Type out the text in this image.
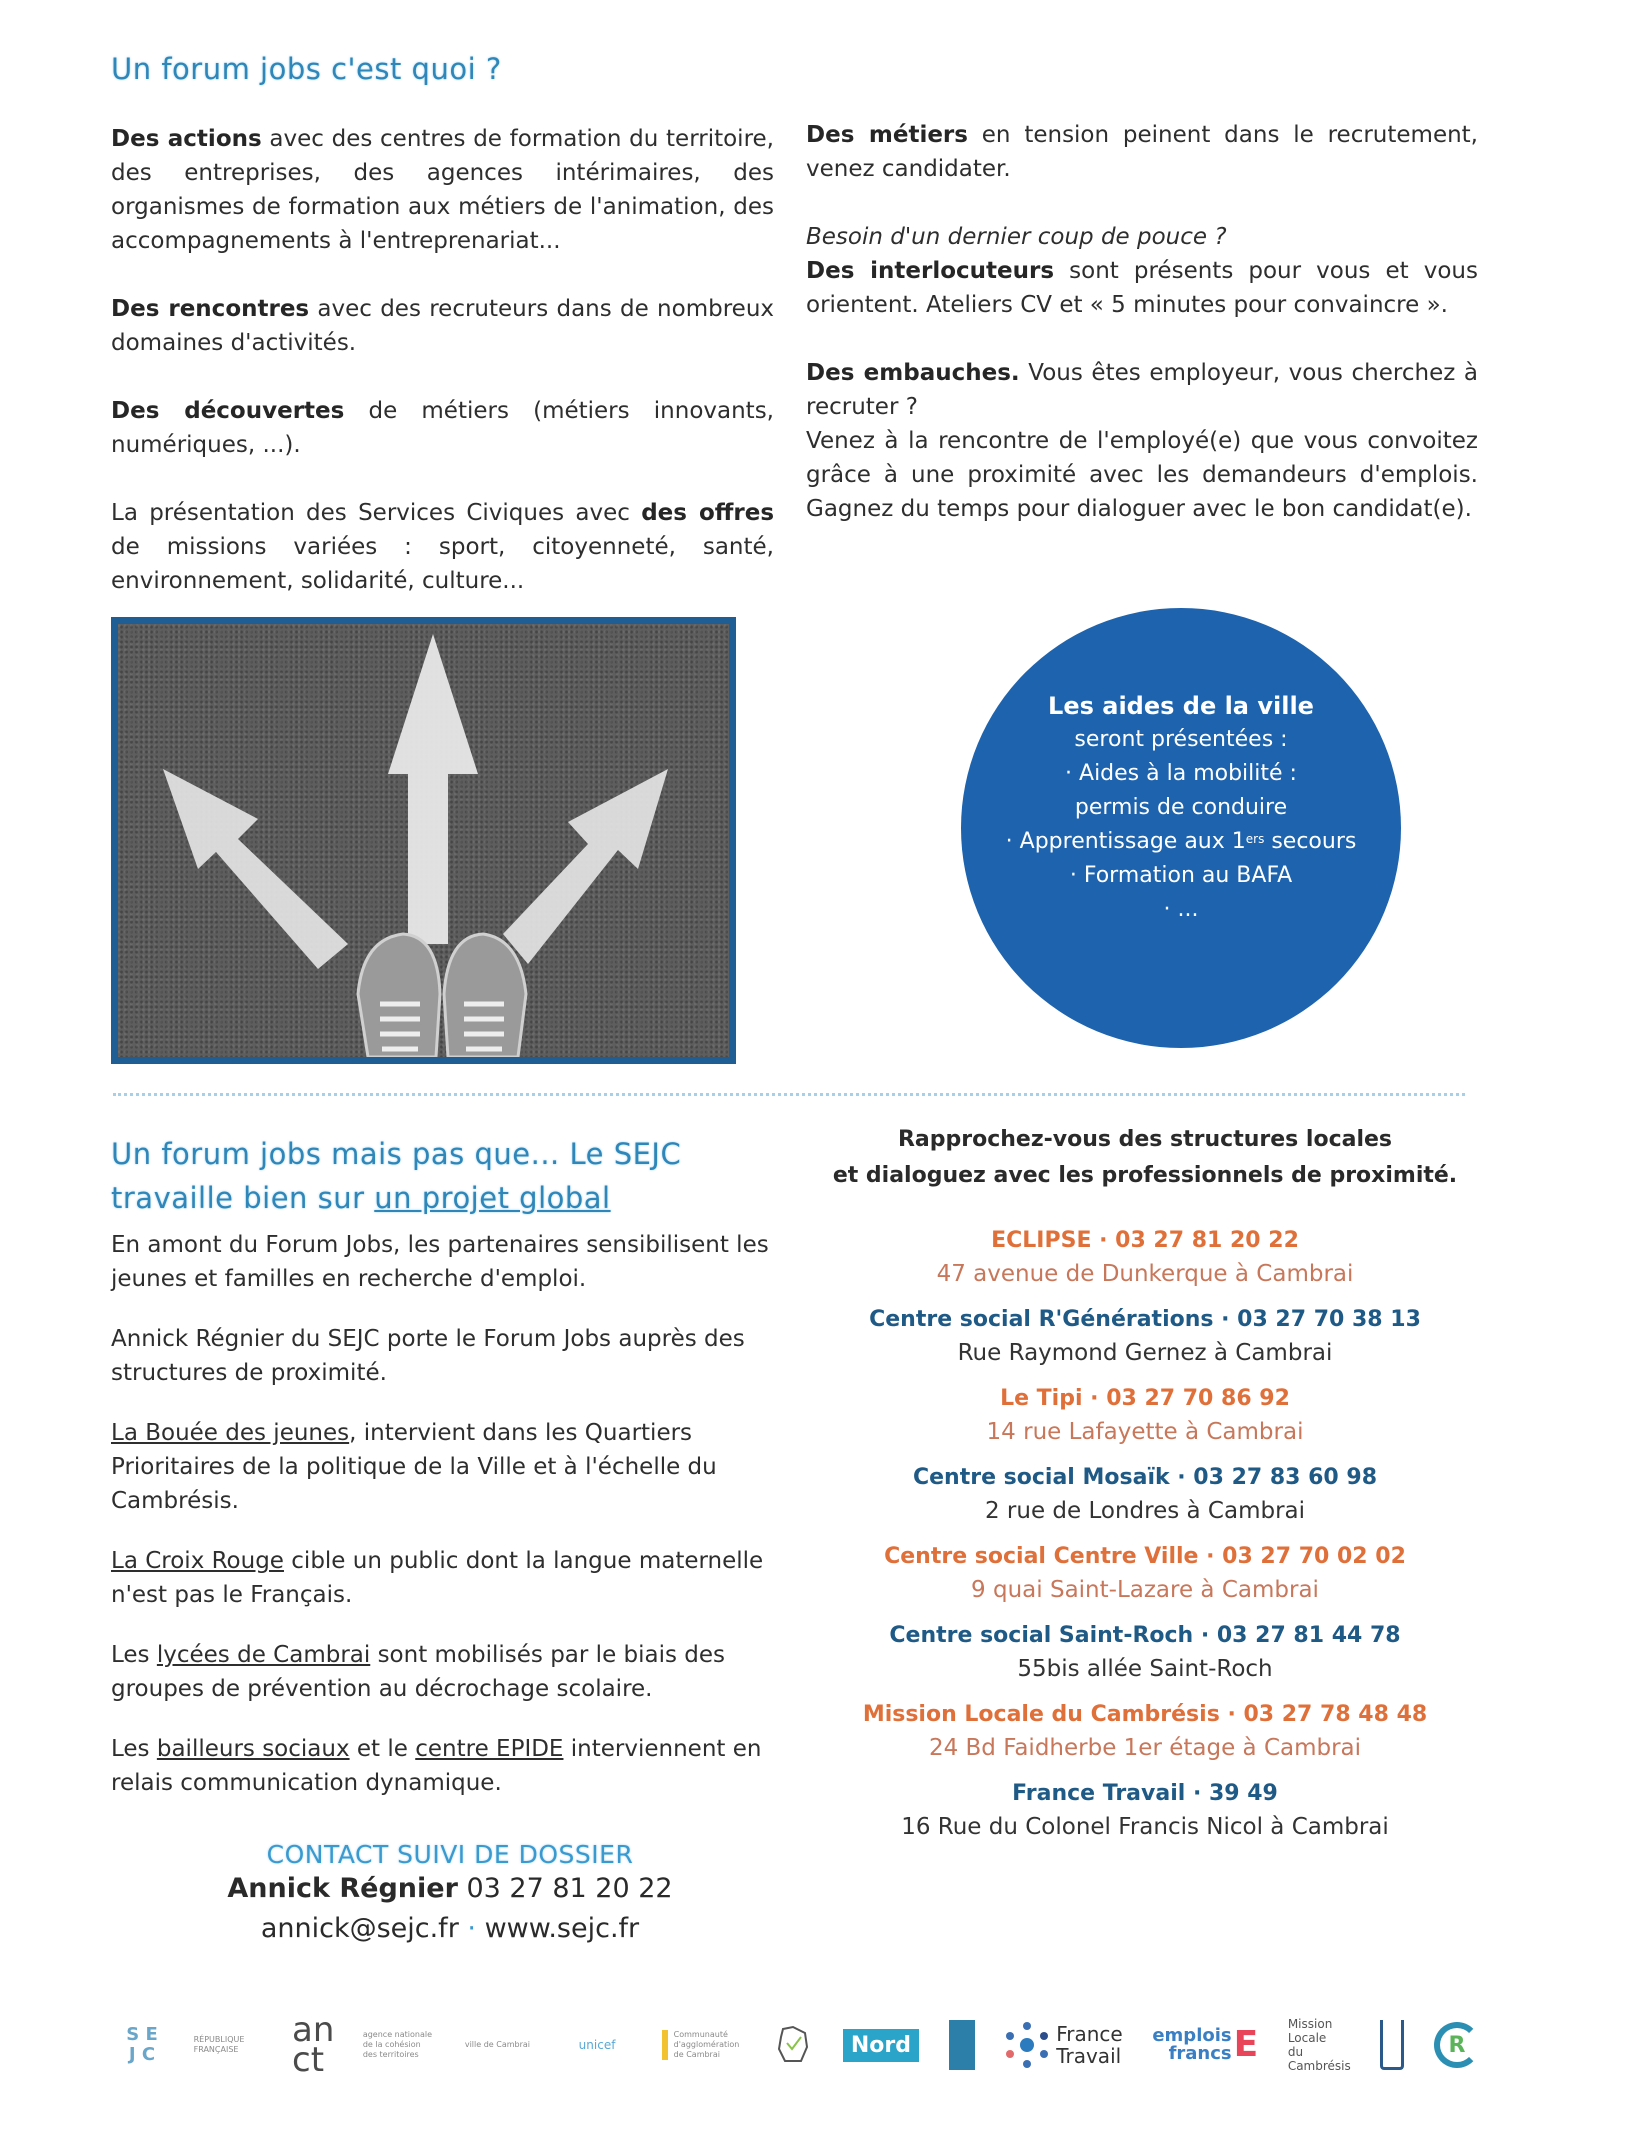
Un forum jobs c'est quoi ?

Des actions avec des centres de formation du territoire, des entreprises, des agences intérimaires, des organismes de formation aux métiers de l'animation, des accompagnements à l'entreprenariat...

Des rencontres avec des recruteurs dans de nombreux domaines d'activités.

Des découvertes de métiers (métiers innovants, numériques, ...).

La présentation des Services Civiques avec des offres de missions variées : sport, citoyenneté, santé, environnement, solidarité, culture...

Des métiers en tension peinent dans le recrutement, venez candidater.

Besoin d'un dernier coup de pouce ?
Des interlocuteurs sont présents pour vous et vous orientent. Ateliers CV et « 5 minutes pour convaincre ».

Des embauches. Vous êtes employeur, vous cherchez à recruter ?
Venez à la rencontre de l'employé(e) que vous convoitez grâce à une proximité avec les demandeurs d'emplois. Gagnez du temps pour dialoguer avec le bon candidat(e).

Les aides de la ville
seront présentées :
· Aides à la mobilité :
permis de conduire
· Apprentissage aux 1ers secours
· Formation au BAFA
· ...
Un forum jobs mais pas que... Le SEJC
travaille bien sur un projet global

En amont du Forum Jobs, les partenaires sensibilisent les jeunes et familles en recherche d'emploi.

Annick Régnier du SEJC porte le Forum Jobs auprès des structures de proximité.

La Bouée des jeunes, intervient dans les Quartiers Prioritaires de la politique de la Ville et à l'échelle du Cambrésis.

La Croix Rouge cible un public dont la langue maternelle n'est pas le Français.

Les lycées de Cambrai sont mobilisés par le biais des groupes de prévention au décrochage scolaire.

Les bailleurs sociaux et le centre EPIDE interviennent en relais communication dynamique.

CONTACT SUIVI DE DOSSIER
Annick Régnier 03 27 81 20 22
annick@sejc.fr · www.sejc.fr
Rapprochez-vous des structures locales
et dialoguez avec les professionnels de proximité.
ECLIPSE · 03 27 81 20 22
47 avenue de Dunkerque à Cambrai
Centre social R'Générations · 03 27 70 38 13
Rue Raymond Gernez à Cambrai
Le Tipi · 03 27 70 86 92
14 rue Lafayette à Cambrai
Centre social Mosaïk · 03 27 83 60 98
2 rue de Londres à Cambrai
Centre social Centre Ville · 03 27 70 02 02
9 quai Saint-Lazare à Cambrai
Centre social Saint-Roch · 03 27 81 44 78
55bis allée Saint-Roch
Mission Locale du Cambrésis · 03 27 78 48 48
24 Bd Faidherbe 1er étage à Cambrai
France Travail · 39 49
16 Rue du Colonel Francis Nicol à Cambrai
S E J C
RÉPUBLIQUE FRANÇAISE	an ct
agence nationale de la cohésion des territoires
ville de Cambrai	unicef
Communauté d'agglomération de Cambrai	Nord	France
Travail
emplois
francs E Mission
Locale
du
Cambrésis
R
